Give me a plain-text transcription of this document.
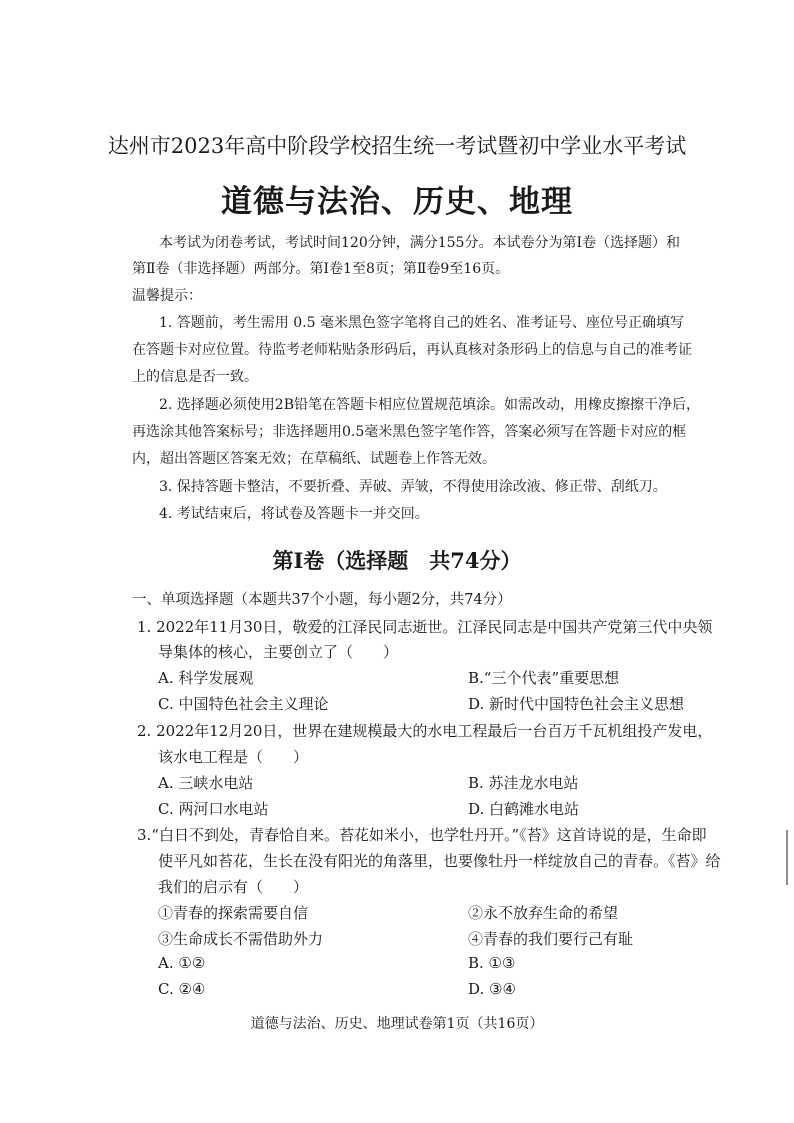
达州市2023年高中阶段学校招生统一考试暨初中学业水平考试
道德与法治、历史、地理
本考试为闭卷考试，考试时间120分钟，满分155分。本试卷分为第Ⅰ卷（选择题）和
第Ⅱ卷（非选择题）两部分。第Ⅰ卷1至8页；第Ⅱ卷9至16页。
温馨提示：
1. 答题前，考生需用 0.5 毫米黑色签字笔将自己的姓名、准考证号、座位号正确填写
在答题卡对应位置。待监考老师粘贴条形码后，再认真核对条形码上的信息与自己的准考证
上的信息是否一致。
2. 选择题必须使用2B铅笔在答题卡相应位置规范填涂。如需改动，用橡皮擦擦干净后，
再选涂其他答案标号；非选择题用0.5毫米黑色签字笔作答，答案必须写在答题卡对应的框
内，超出答题区答案无效；在草稿纸、试题卷上作答无效。
3. 保持答题卡整洁，不要折叠、弄破、弄皱，不得使用涂改液、修正带、刮纸刀。
4. 考试结束后，将试卷及答题卡一并交回。
第Ⅰ卷（选择题　共74分）
一、单项选择题（本题共37个小题，每小题2分，共74分）
1. 2022年11月30日，敬爱的江泽民同志逝世。江泽民同志是中国共产党第三代中央领
导集体的核心，主要创立了（　　）
A. 科学发展观	B.“三个代表”重要思想
C. 中国特色社会主义理论	D. 新时代中国特色社会主义思想
2. 2022年12月20日，世界在建规模最大的水电工程最后一台百万千瓦机组投产发电，
该水电工程是（　　）
A. 三峡水电站	B. 苏洼龙水电站
C. 两河口水电站	D. 白鹤滩水电站
3.“白日不到处，青春恰自来。苔花如米小，也学牡丹开。”《苔》这首诗说的是，生命即
使平凡如苔花，生长在没有阳光的角落里，也要像牡丹一样绽放自己的青春。《苔》给
我们的启示有（　　）
①青春的探索需要自信	②永不放弃生命的希望
③生命成长不需借助外力	④青春的我们要行己有耻
A. ①②	B. ①③
C. ②④	D. ③④
道德与法治、历史、地理试卷第1页（共16页）
